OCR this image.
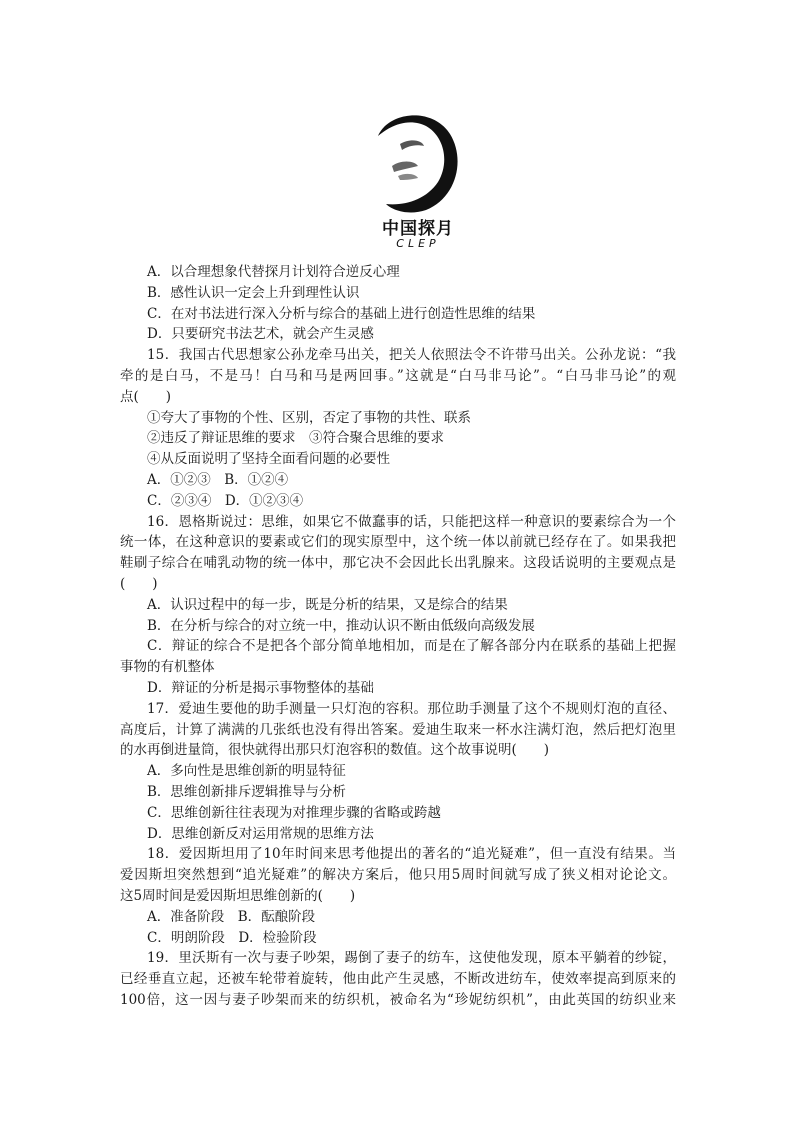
中国探月
CLEP
A．以合理想象代替探月计划符合逆反心理
B．感性认识一定会上升到理性认识
C．在对书法进行深入分析与综合的基础上进行创造性思维的结果
D．只要研究书法艺术，就会产生灵感
15．我国古代思想家公孙龙牵马出关，把关人依照法令不许带马出关。公孙龙说：“我
牵的是白马，不是马！白马和马是两回事。”这就是“白马非马论”。“白马非马论”的观
点(　　)
①夸大了事物的个性、区别，否定了事物的共性、联系
②违反了辩证思维的要求　③符合聚合思维的要求
④从反面说明了坚持全面看问题的必要性
A．①②③　B．①②④
C．②③④　D．①②③④
16．恩格斯说过：思维，如果它不做蠢事的话，只能把这样一种意识的要素综合为一个
统一体，在这种意识的要素或它们的现实原型中，这个统一体以前就已经存在了。如果我把
鞋刷子综合在哺乳动物的统一体中，那它决不会因此长出乳腺来。这段话说明的主要观点是
(　　)
A．认识过程中的每一步，既是分析的结果，又是综合的结果
B．在分析与综合的对立统一中，推动认识不断由低级向高级发展
C．辩证的综合不是把各个部分简单地相加，而是在了解各部分内在联系的基础上把握
事物的有机整体
D．辩证的分析是揭示事物整体的基础
17．爱迪生要他的助手测量一只灯泡的容积。那位助手测量了这个不规则灯泡的直径、
高度后，计算了满满的几张纸也没有得出答案。爱迪生取来一杯水注满灯泡，然后把灯泡里
的水再倒进量筒，很快就得出那只灯泡容积的数值。这个故事说明(　　)
A．多向性是思维创新的明显特征
B．思维创新排斥逻辑推导与分析
C．思维创新往往表现为对推理步骤的省略或跨越
D．思维创新反对运用常规的思维方法
18．爱因斯坦用了10年时间来思考他提出的著名的“追光疑难”，但一直没有结果。当
爱因斯坦突然想到“追光疑难”的解决方案后，他只用5周时间就写成了狭义相对论论文。
这5周时间是爱因斯坦思维创新的(　　)
A．准备阶段　B．酝酿阶段
C．明朗阶段　D．检验阶段
19．里沃斯有一次与妻子吵架，踢倒了妻子的纺车，这使他发现，原本平躺着的纱锭，
已经垂直立起，还被车轮带着旋转，他由此产生灵感，不断改进纺车，使效率提高到原来的
100倍，这一因与妻子吵架而来的纺织机，被命名为“珍妮纺织机”，由此英国的纺织业来
